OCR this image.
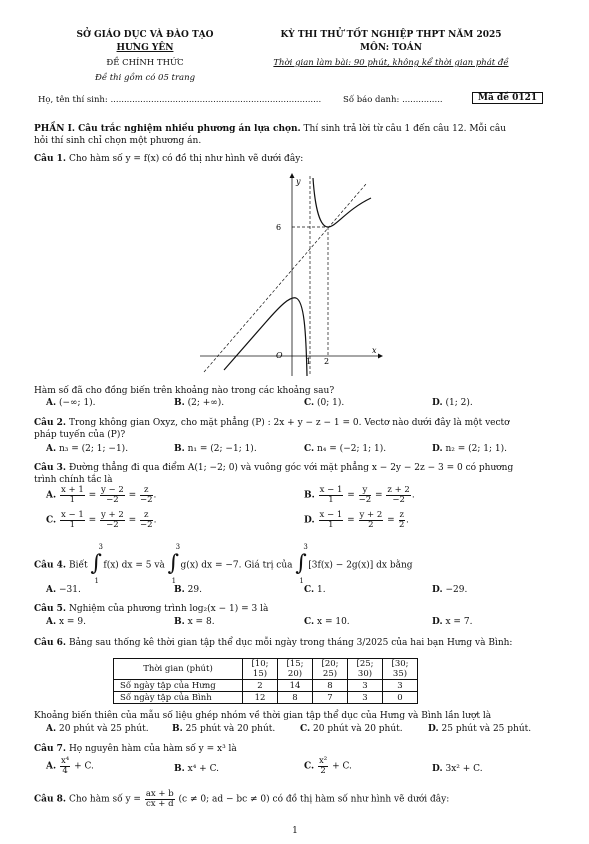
SỞ GIÁO DỤC VÀ ĐÀO TẠO
HƯNG YÊN
ĐỀ CHÍNH THỨC
Đề thi gồm có 05 trang
KỲ THI THỬ TỐT NGHIỆP THPT NĂM 2025
MÔN: TOÁN
Thời gian làm bài: 90 phút, không kể thời gian phát đề
Họ, tên thí sinh: ..............................................................................	Số báo danh: ...............	Mã đề 0121
PHẦN I. Câu trắc nghiệm nhiều phương án lựa chọn. Thí sinh trả lời từ câu 1 đến câu 12. Mỗi câu
hỏi thí sinh chỉ chọn một phương án.
Câu 1. Cho hàm số y = f(x) có đồ thị như hình vẽ dưới đây:
y
x
O
1 2
6
Hàm số đã cho đồng biến trên khoảng nào trong các khoảng sau?
A. (−∞; 1).	B. (2; +∞).	C. (0; 1).	D. (1; 2).
Câu 2. Trong không gian Oxyz, cho mặt phẳng (P) : 2x + y − z − 1 = 0. Vectơ nào dưới đây là một vectơ
pháp tuyến của (P)?
A. n₃ = (2; 1; −1).	B. n₁ = (2; −1; 1).	C. n₄ = (−2; 1; 1).	D. n₂ = (2; 1; 1).
Câu 3. Đường thẳng đi qua điểm A(1; −2; 0) và vuông góc với mặt phẳng x − 2y − 2z − 3 = 0 có phương
trình chính tắc là
A. $\frac{x + 1}{1} = \frac{y - 2}{-2} = \frac{z}{-2}$ .	B. $\frac{x - 1}{1} = \frac{y}{-2} = \frac{z + 2}{-2}$ .
C. $\frac{x - 1}{1} = \frac{y + 2}{-2} = \frac{z}{-2}$ .	D. $\frac{x - 1}{1} = \frac{y + 2}{2} = \frac{z}{2}$ .
Câu 4. Biết ∫
3
1
f(x) dx = 5 và ∫
3
1
g(x) dx = −7. Giá trị của ∫
3
1
[3f(x) − 2g(x)] dx bằng
A. −31.	B. 29.	C. 1.	D. −29.
Câu 5. Nghiệm của phương trình log₂(x − 1) = 3 là
A. x = 9.	B. x = 8.	C. x = 10.	D. x = 7.
Câu 6. Bảng sau thống kê thời gian tập thể dục mỗi ngày trong tháng 3/2025 của hai bạn Hưng và Bình:
Thời gian (phút)	[10; 15)	[15; 20)	[20; 25)	[25; 30)	[30; 35)
Số ngày tập của Hưng	2	14	8	3	3
Số ngày tập của Bình	12	8	7	3	0
Khoảng biến thiên của mẫu số liệu ghép nhóm về thời gian tập thể dục của Hưng và Bình lần lượt là
A. 20 phút và 25 phút.	B. 25 phút và 20 phút.	C. 20 phút và 20 phút.	D. 25 phút và 25 phút.
Câu 7. Họ nguyên hàm của hàm số y = x³ là
A. $\frac{\text{x⁴}}{4} + C$.	B. x⁴ + C.	C. $\frac{\text{x²}}{2} + C$.	D. 3x² + C.
Câu 8. Cho hàm số $y = \frac{ax + b}{cx + d} (c \ne 0$; ad − bc ≠ 0) có đồ thị hàm số như hình vẽ dưới đây:
1
